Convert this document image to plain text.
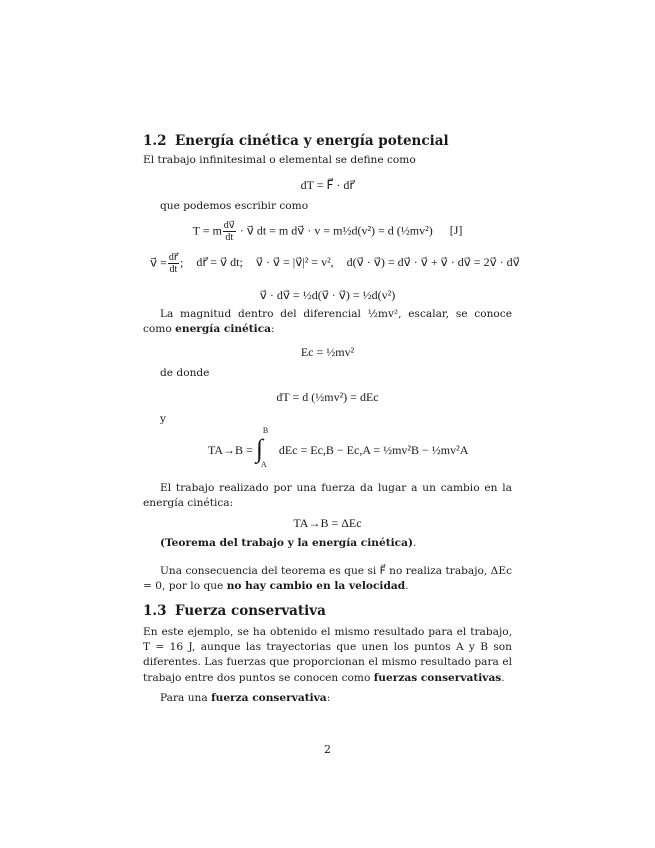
1.2 Energía cinética y energía potencial
El trabajo infinitesimal o elemental se define como
dT = F⃗ · dr⃗
que podemos escribir como
T = m $\frac{dv⃗}{dt}$ · v⃗ dt = m dv⃗ · v = m½d(v²) = d (½mv²) [J]
v⃗ = $\frac{dr⃗}{dt}$ ; dr⃗ = v⃗ dt; v⃗ · v⃗ = |v⃗|² = v², d(v⃗ · v⃗) = dv⃗ · v⃗ + v⃗ · dv⃗ = 2v⃗ · dv⃗
v⃗ · dv⃗ = ½d(v⃗ · v⃗) = ½d(v²)
La magnitud dentro del diferencial ½mv², escalar, se conoce como energía cinética:
Ec = ½mv²
de donde
dT = d (½mv²) = dEc
y
TA→B =
B
∫
A
dEc = Ec,B − Ec,A = ½mv²B − ½mv²A
El trabajo realizado por una fuerza da lugar a un cambio en la energía cinética:
TA→B = ΔEc
(Teorema del trabajo y la energía cinética).
Una consecuencia del teorema es que si F⃗ no realiza trabajo, ΔEc = 0, por lo que no hay cambio en la velocidad.
1.3 Fuerza conservativa
En este ejemplo, se ha obtenido el mismo resultado para el trabajo, T = 16 J, aunque las trayectorias que unen los puntos A y B son diferentes. Las fuerzas que proporcionan el mismo resultado para el trabajo entre dos puntos se conocen como fuerzas conservativas.
Para una fuerza conservativa:
2
